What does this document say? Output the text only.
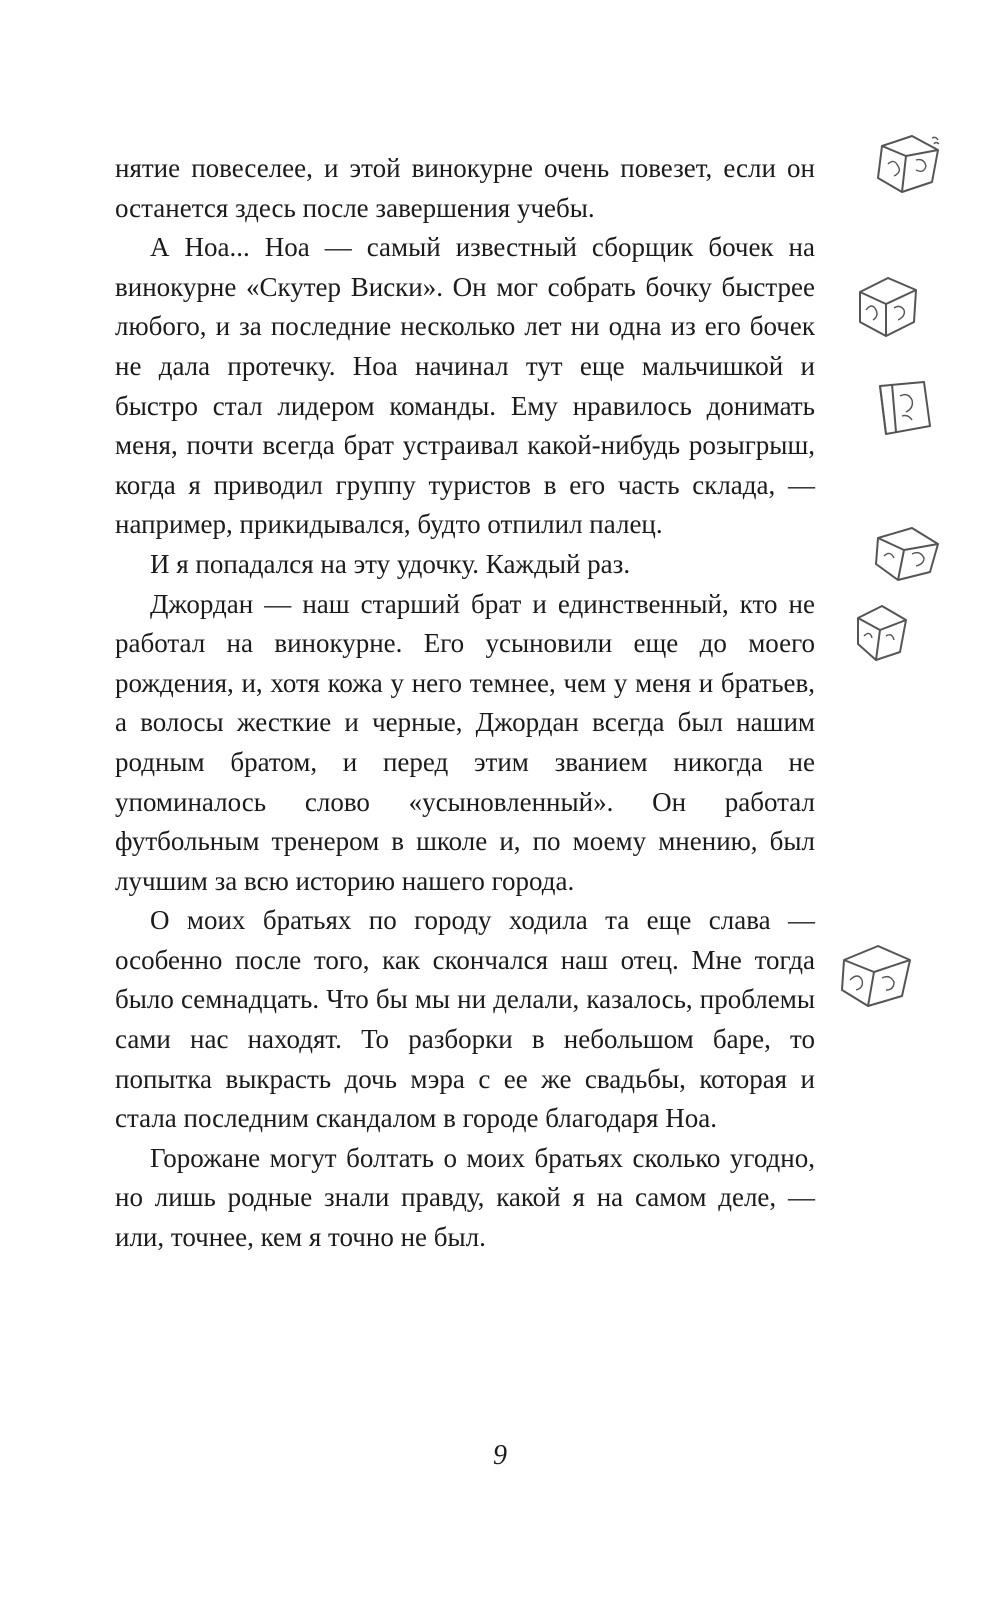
нятие повеселее, и этой винокурне очень повезет, если он останется здесь после завершения учебы.

А Ноа... Ноа — самый известный сборщик бочек на винокурне «Скутер Виски». Он мог собрать бочку быстрее любого, и за последние несколько лет ни одна из его бочек не дала протечку. Ноа начинал тут еще мальчишкой и быстро стал лидером команды. Ему нравилось донимать меня, почти всегда брат устраивал какой-нибудь розыгрыш, когда я приводил группу туристов в его часть склада, — например, прикидывался, будто отпилил палец.

И я попадался на эту удочку. Каждый раз.

Джордан — наш старший брат и единственный, кто не работал на винокурне. Его усыновили еще до моего рождения, и, хотя кожа у него темнее, чем у меня и братьев, а волосы жесткие и черные, Джордан всегда был нашим родным братом, и перед этим званием никогда не упоминалось слово «усыновленный». Он работал футбольным тренером в школе и, по моему мнению, был лучшим за всю историю нашего города.

О моих братьях по городу ходила та еще слава — особенно после того, как скончался наш отец. Мне тогда было семнадцать. Что бы мы ни делали, казалось, проблемы сами нас находят. То разборки в небольшом баре, то попытка выкрасть дочь мэра с ее же свадьбы, которая и стала последним скандалом в городе благодаря Ноа.

Горожане могут болтать о моих братьях сколько угодно, но лишь родные знали правду, какой я на самом деле, — или, точнее, кем я точно не был.

9
